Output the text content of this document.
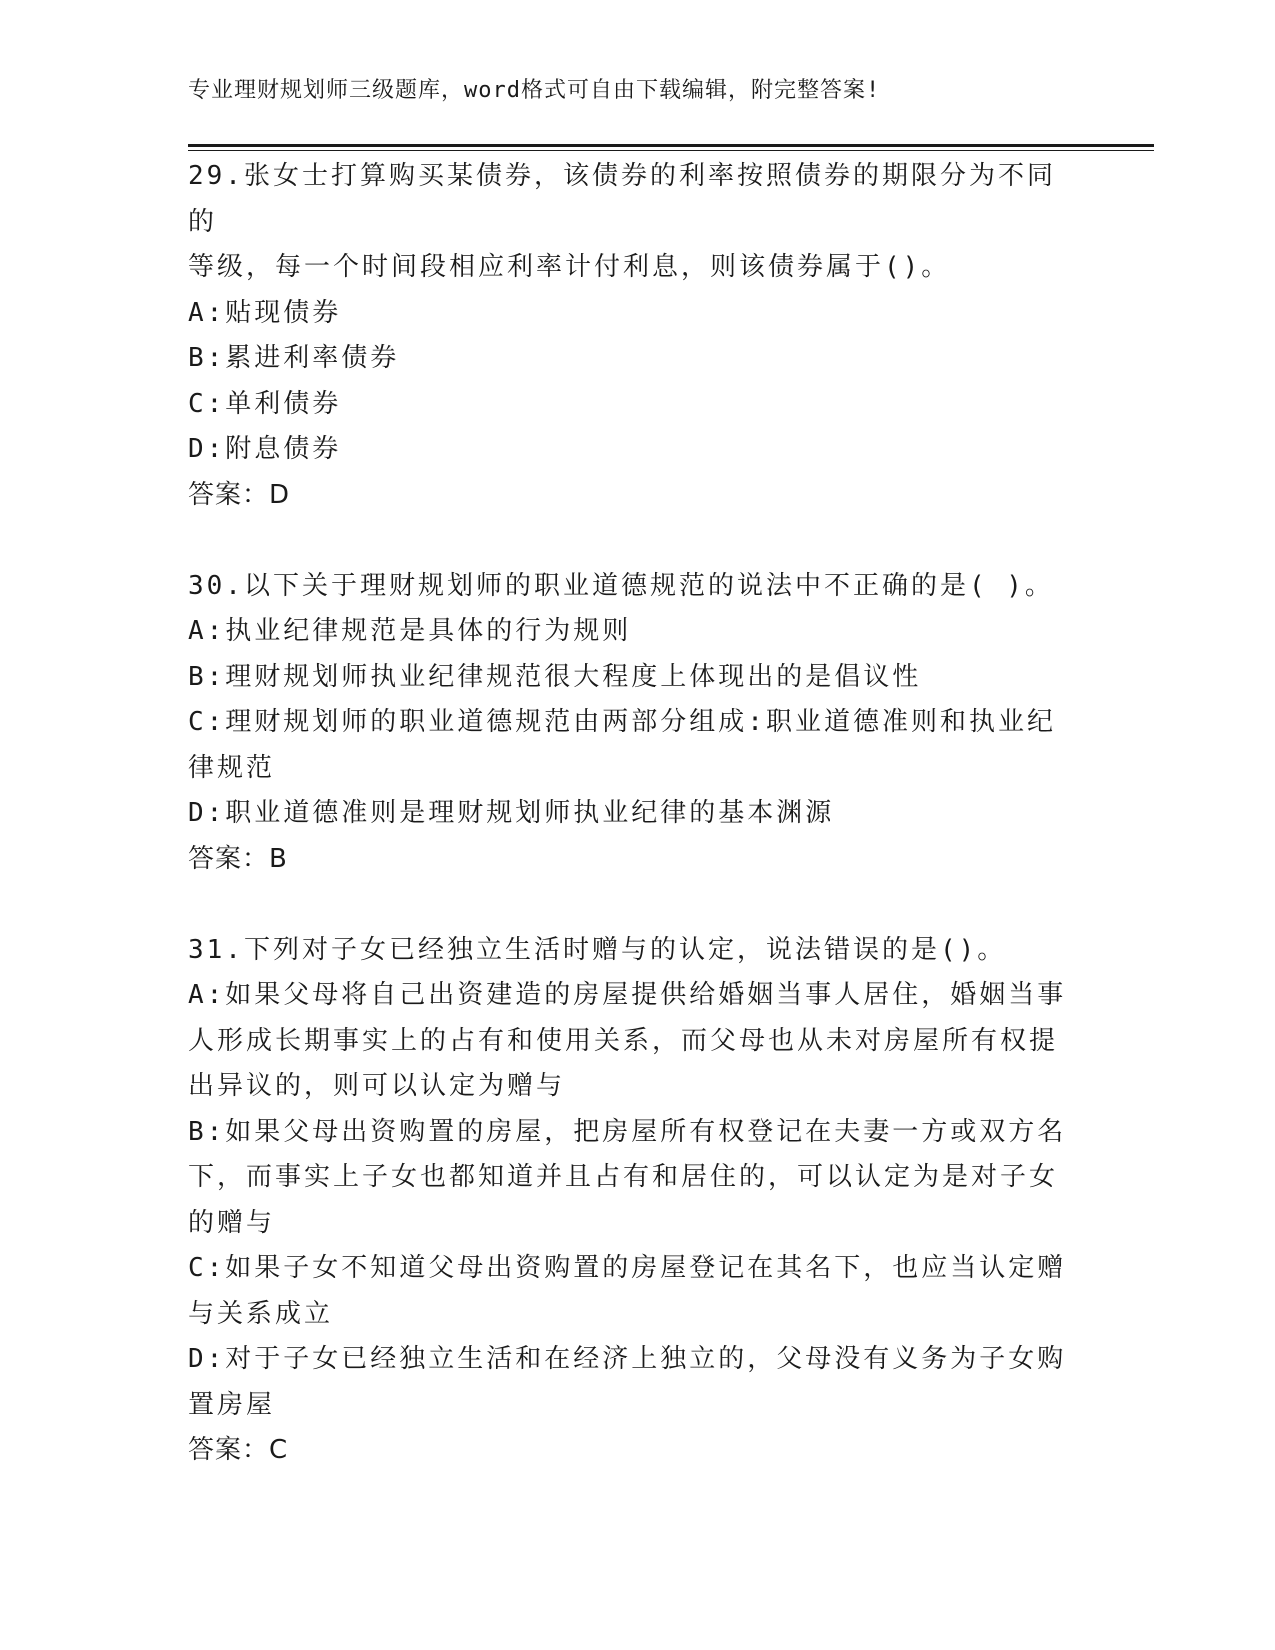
专业理财规划师三级题库，word格式可自由下载编辑，附完整答案!

29.张女士打算购买某债券，该债券的利率按照债券的期限分为不同的

等级，每一个时间段相应利率计付利息，则该债券属于()。

A:贴现债券

B:累进利率债券

C:单利债券

D:附息债券

答案：D

30.以下关于理财规划师的职业道德规范的说法中不正确的是( )。

A:执业纪律规范是具体的行为规则

B:理财规划师执业纪律规范很大程度上体现出的是倡议性

C:理财规划师的职业道德规范由两部分组成:职业道德准则和执业纪

律规范

D:职业道德准则是理财规划师执业纪律的基本渊源

答案：B

31.下列对子女已经独立生活时赠与的认定，说法错误的是()。

A:如果父母将自己出资建造的房屋提供给婚姻当事人居住，婚姻当事

人形成长期事实上的占有和使用关系，而父母也从未对房屋所有权提

出异议的，则可以认定为赠与

B:如果父母出资购置的房屋，把房屋所有权登记在夫妻一方或双方名

下，而事实上子女也都知道并且占有和居住的，可以认定为是对子女

的赠与

C:如果子女不知道父母出资购置的房屋登记在其名下，也应当认定赠

与关系成立

D:对于子女已经独立生活和在经济上独立的，父母没有义务为子女购

置房屋

答案：C
